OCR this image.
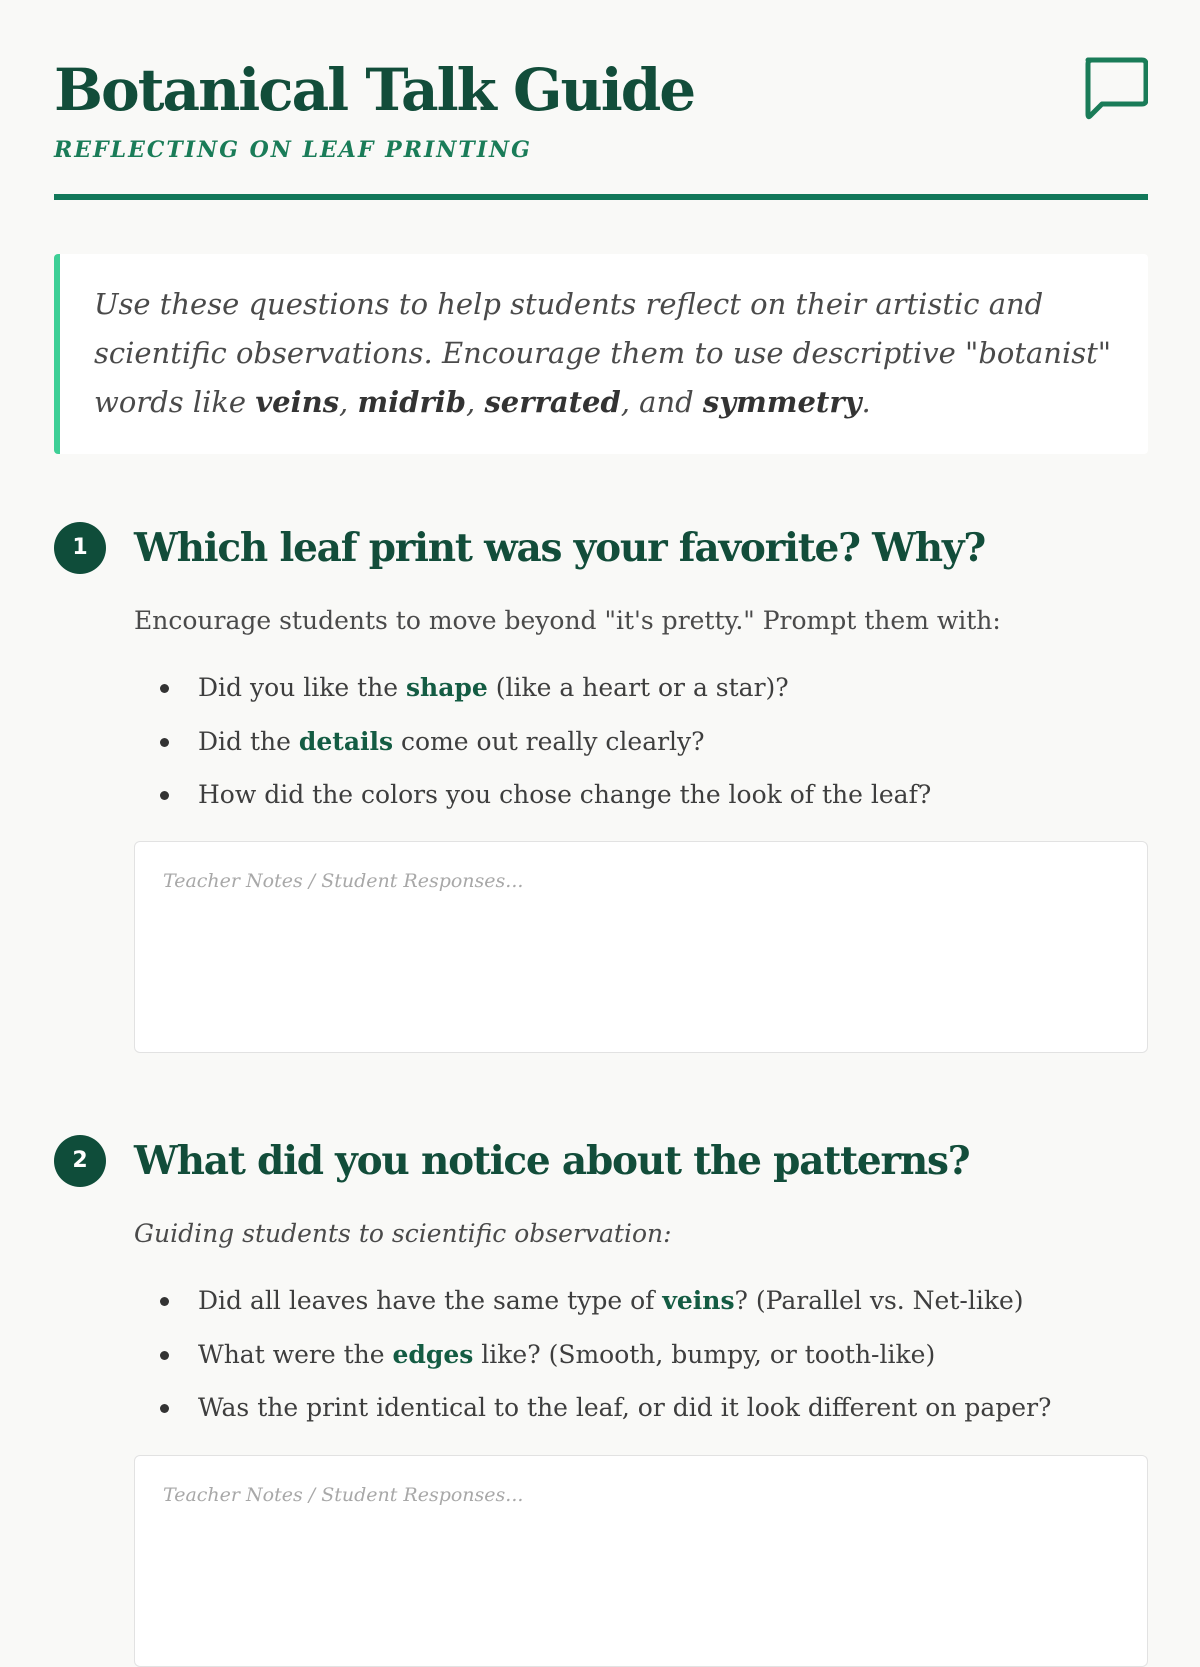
Botanical Talk Guide
REFLECTING ON LEAF PRINTING
Use these questions to help students reflect on their artistic and scientific observations. Encourage them to use descriptive "botanist" words like veins, midrib, serrated, and symmetry.
1	Which leaf print was your favorite? Why?

Encourage students to move beyond "it's pretty." Prompt them with:

Did you like the shape (like a heart or a star)?
Did the details come out really clearly?
How did the colors you chose change the look of the leaf?
Teacher Notes / Student Responses...
2	What did you notice about the patterns?

Guiding students to scientific observation:

Did all leaves have the same type of veins? (Parallel vs. Net-like)
What were the edges like? (Smooth, bumpy, or tooth-like)
Was the print identical to the leaf, or did it look different on paper?
Teacher Notes / Student Responses...
